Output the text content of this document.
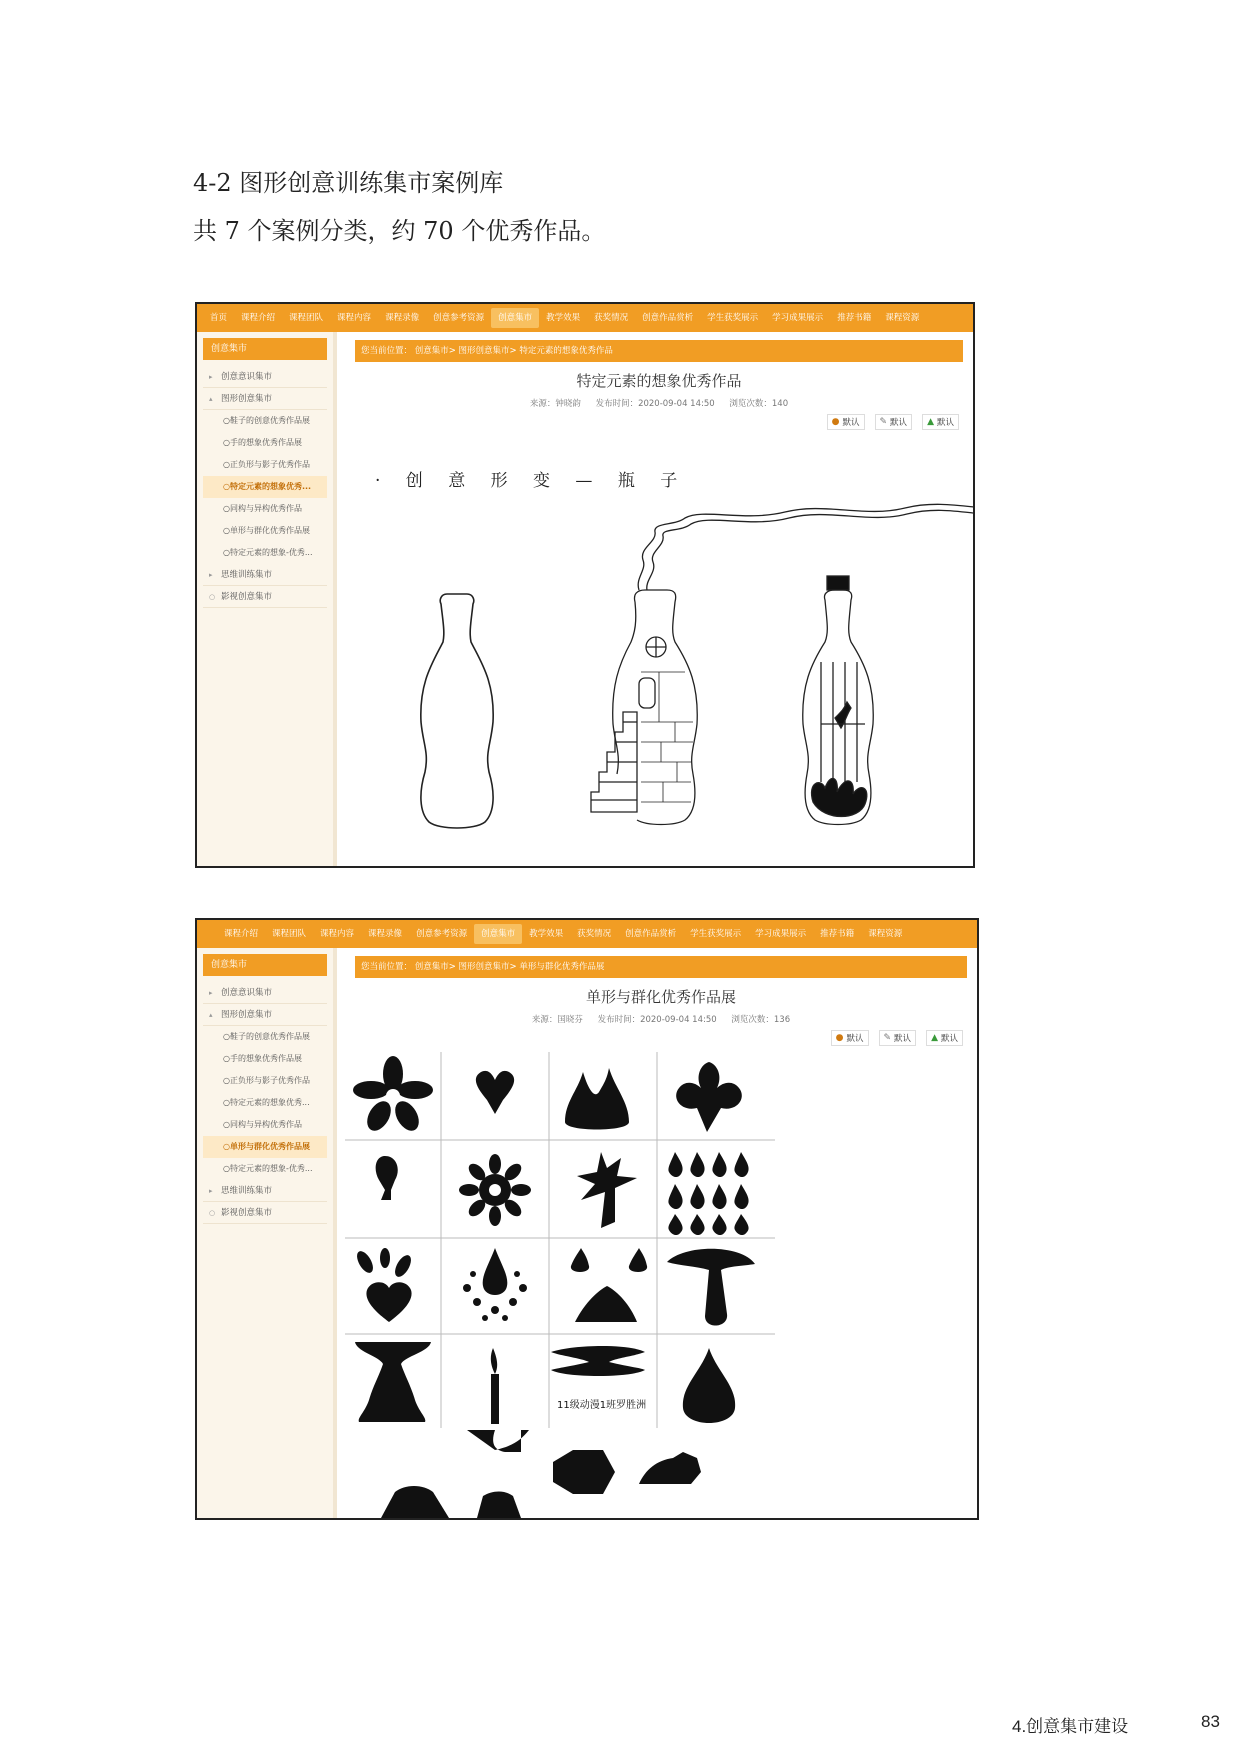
4-2 图形创意训练集市案例库
共 7 个案例分类，约 70 个优秀作品。
首页	课程介绍	课程团队	课程内容	课程录像	创意参考资源	创意集市	教学效果	获奖情况	创意作品赏析	学生获奖展示	学习成果展示	推荐书籍	课程资源
创意集市
▸ 创意意识集市
▴ 图形创意集市
○鞋子的创意优秀作品展
○手的想象优秀作品展
○正负形与影子优秀作品
○特定元素的想象优秀...
○同构与异构优秀作品
○单形与群化优秀作品展
○特定元素的想象-优秀...
▸ 思维训练集市
○ 影视创意集市
您当前位置： 创意集市> 图形创意集市> 特定元素的想象优秀作品
特定元素的想象优秀作品
来源：钟晓韵 发布时间：2020-09-04 14:50 浏览次数：140
● 默认 ✎ 默认 ▲ 默认
· 创 意 形 变 — 瓶 子
课程介绍	课程团队	课程内容	课程录像	创意参考资源	创意集市	教学效果	获奖情况	创意作品赏析	学生获奖展示	学习成果展示	推荐书籍	课程资源
创意集市
▸ 创意意识集市
▴ 图形创意集市
○鞋子的创意优秀作品展
○手的想象优秀作品展
○正负形与影子优秀作品
○特定元素的想象优秀...
○同构与异构优秀作品
○单形与群化优秀作品展
○特定元素的想象-优秀...
▸ 思维训练集市
○ 影视创意集市
您当前位置： 创意集市> 图形创意集市> 单形与群化优秀作品展
单形与群化优秀作品展
来源：国晓芬 发布时间：2020-09-04 14:50 浏览次数：136
● 默认 ✎ 默认 ▲ 默认
11级动漫1班罗胜洲
4.创意集市建设	83
